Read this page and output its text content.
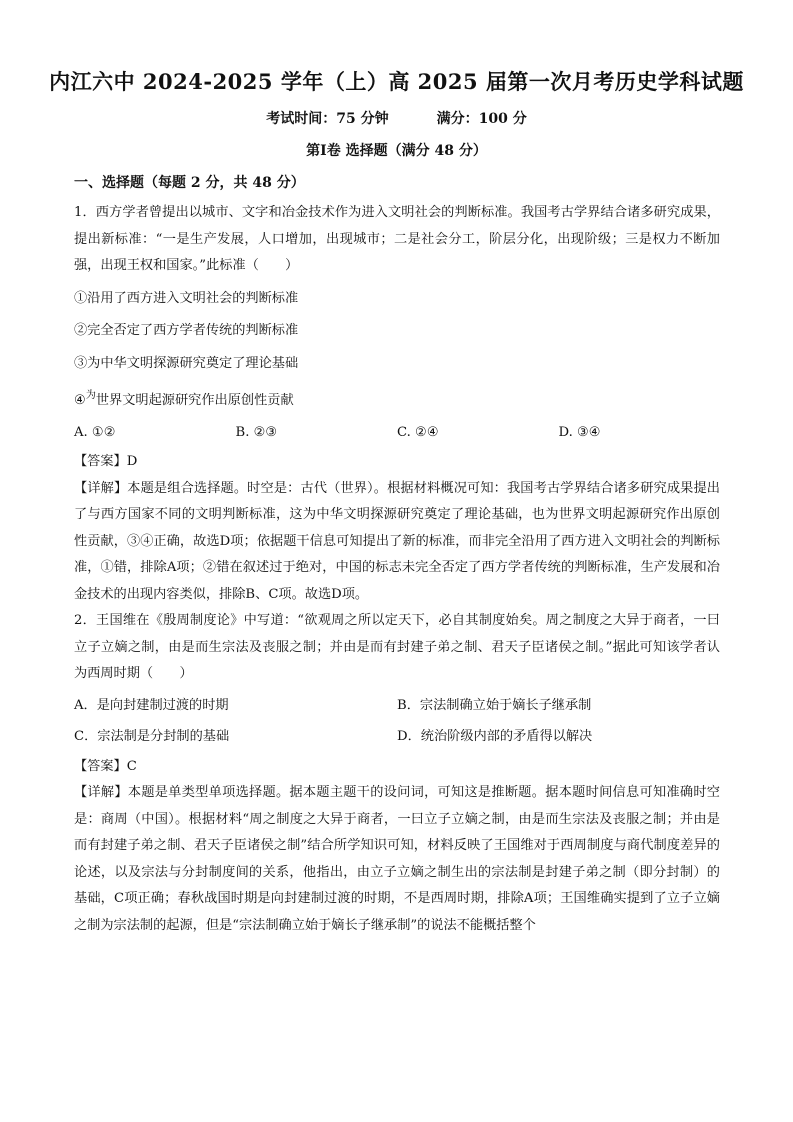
内江六中 2024-2025 学年（上）高 2025 届第一次月考历史学科试题
考试时间：75 分钟	满分：100 分
第Ⅰ卷 选择题（满分 48 分）
一、选择题（每题 2 分，共 48 分）

1．西方学者曾提出以城市、文字和冶金技术作为进入文明社会的判断标准。我国考古学界结合诸多研究成果，提出新标准：“一是生产发展，人口增加，出现城市；二是社会分工，阶层分化，出现阶级；三是权力不断加强，出现王权和国家。”此标准（　　）

①沿用了西方进入文明社会的判断标准

②完全否定了西方学者传统的判断标准

③为中华文明探源研究奠定了理论基础

④$^为$世界文明起源研究作出原创性贡献

A. ①②	B. ②③	C. ②④	D. ③④

【答案】D

【详解】本题是组合选择题。时空是：古代（世界）。根据材料概况可知：我国考古学界结合诸多研究成果提出了与西方国家不同的文明判断标准，这为中华文明探源研究奠定了理论基础，也为世界文明起源研究作出原创性贡献，③④正确，故选D项；依据题干信息可知提出了新的标准，而非完全沿用了西方进入文明社会的判断标准，①错，排除A项；②错在叙述过于绝对，中国的标志未完全否定了西方学者传统的判断标准，生产发展和冶金技术的出现内容类似，排除B、C项。故选D项。

2．王国维在《殷周制度论》中写道：“欲观周之所以定天下，必自其制度始矣。周之制度之大异于商者，一曰立子立嫡之制，由是而生宗法及丧服之制；并由是而有封建子弟之制、君天子臣诸侯之制。”据此可知该学者认为西周时期（　　）

A．是向封建制过渡的时期	B．宗法制确立始于嫡长子继承制
C．宗法制是分封制的基础	D．统治阶级内部的矛盾得以解决

【答案】C

【详解】本题是单类型单项选择题。据本题主题干的设问词，可知这是推断题。据本题时间信息可知准确时空是：商周（中国）。根据材料“周之制度之大异于商者，一曰立子立嫡之制，由是而生宗法及丧服之制；并由是而有封建子弟之制、君天子臣诸侯之制”结合所学知识可知，材料反映了王国维对于西周制度与商代制度差异的论述，以及宗法与分封制度间的关系，他指出，由立子立嫡之制生出的宗法制是封建子弟之制（即分封制）的基础，C项正确；春秋战国时期是向封建制过渡的时期，不是西周时期，排除A项；王国维确实提到了立子立嫡之制为宗法制的起源，但是“宗法制确立始于嫡长子继承制”的说法不能概括整个
